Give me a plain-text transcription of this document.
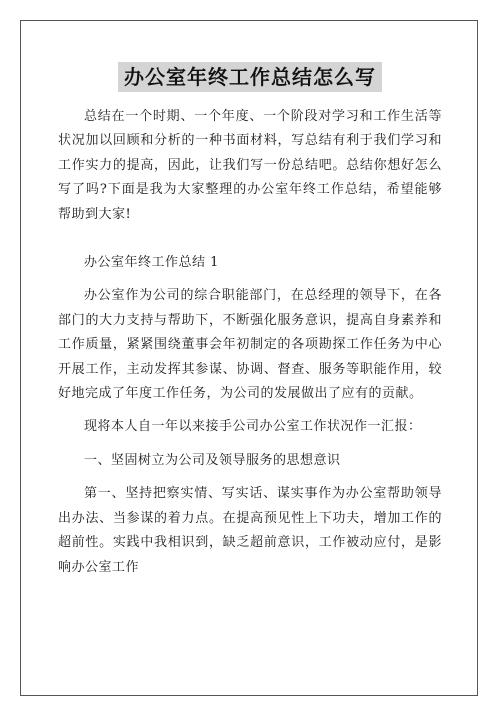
办公室年终工作总结怎么写

总结在一个时期、一个年度、一个阶段对学习和工作生活等状况加以回顾和分析的一种书面材料，写总结有利于我们学习和工作实力的提高，因此，让我们写一份总结吧。总结你想好怎么写了吗?下面是我为大家整理的办公室年终工作总结，希望能够帮助到大家!

办公室年终工作总结 1

办公室作为公司的综合职能部门，在总经理的领导下，在各部门的大力支持与帮助下，不断强化服务意识，提高自身素养和工作质量，紧紧围绕董事会年初制定的各项勘探工作任务为中心开展工作，主动发挥其参谋、协调、督查、服务等职能作用，较好地完成了年度工作任务，为公司的发展做出了应有的贡献。

现将本人自一年以来接手公司办公室工作状况作一汇报：

一、坚固树立为公司及领导服务的思想意识

第一、坚持把察实情、写实话、谋实事作为办公室帮助领导出办法、当参谋的着力点。在提高预见性上下功夫，增加工作的超前性。实践中我相识到，缺乏超前意识，工作被动应付，是影响办公室工作
